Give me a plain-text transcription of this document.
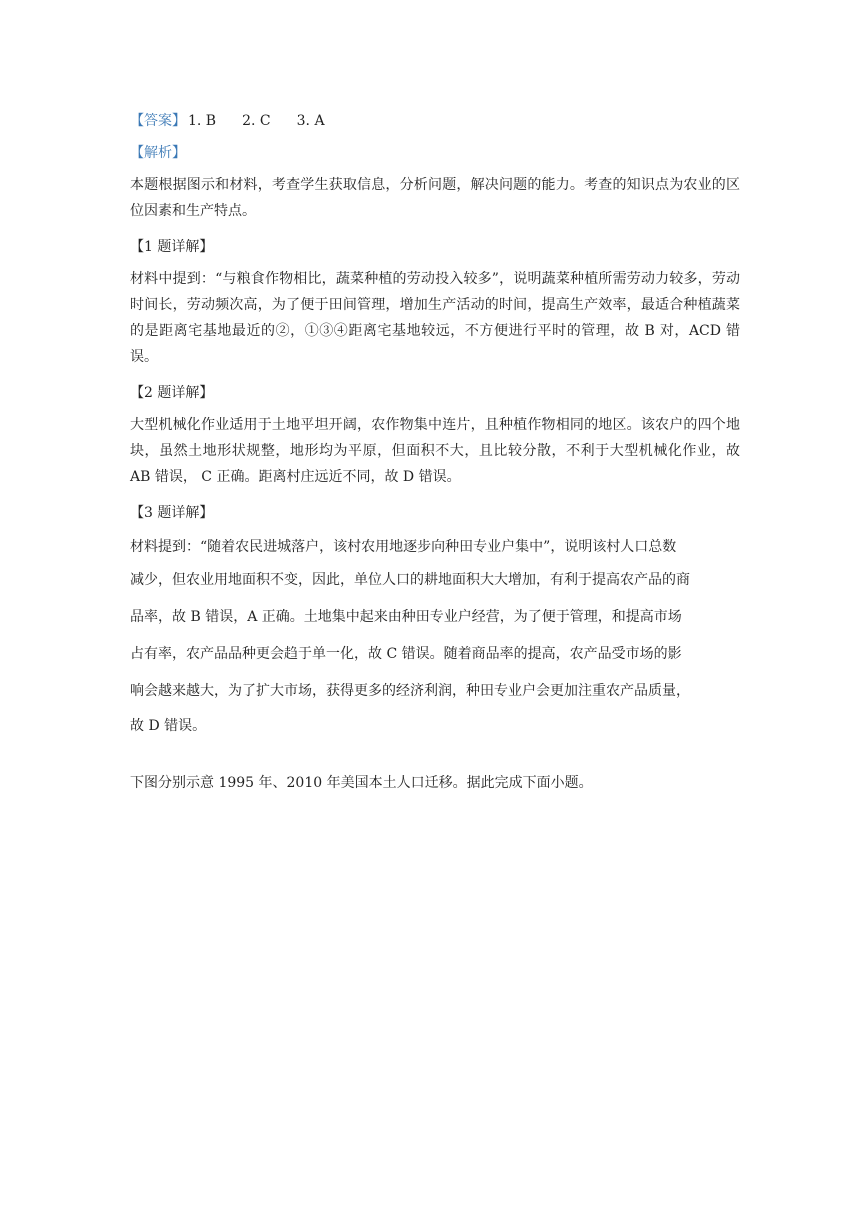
【答案】 1. B 2. C 3. A

【解析】

本题根据图示和材料，考查学生获取信息，分析问题，解决问题的能力。考查的知识点为农业的区位因素和生产特点。

【1 题详解】

材料中提到：“与粮食作物相比，蔬菜种植的劳动投入较多”，说明蔬菜种植所需劳动力较多，劳动时间长，劳动频次高，为了便于田间管理，增加生产活动的时间，提高生产效率，最适合种植蔬菜的是距离宅基地最近的②，①③④距离宅基地较远，不方便进行平时的管理，故 B 对，ACD 错误。

【2 题详解】

大型机械化作业适用于土地平坦开阔，农作物集中连片，且种植作物相同的地区。该农户的四个地块，虽然土地形状规整，地形均为平原，但面积不大，且比较分散，不利于大型机械化作业，故 AB 错误， C 正确。距离村庄远近不同，故 D 错误。

【3 题详解】

材料提到：“随着农民进城落户，该村农用地逐步向种田专业户集中”，说明该村人口总数

减少，但农业用地面积不变，因此，单位人口的耕地面积大大增加，有利于提高农产品的商

品率，故 B 错误，A 正确。土地集中起来由种田专业户经营，为了便于管理，和提高市场

占有率，农产品品种更会趋于单一化，故 C 错误。随着商品率的提高，农产品受市场的影

响会越来越大，为了扩大市场，获得更多的经济利润，种田专业户会更加注重农产品质量，

故 D 错误。

下图分别示意 1995 年、2010 年美国本土人口迁移。据此完成下面小题。
